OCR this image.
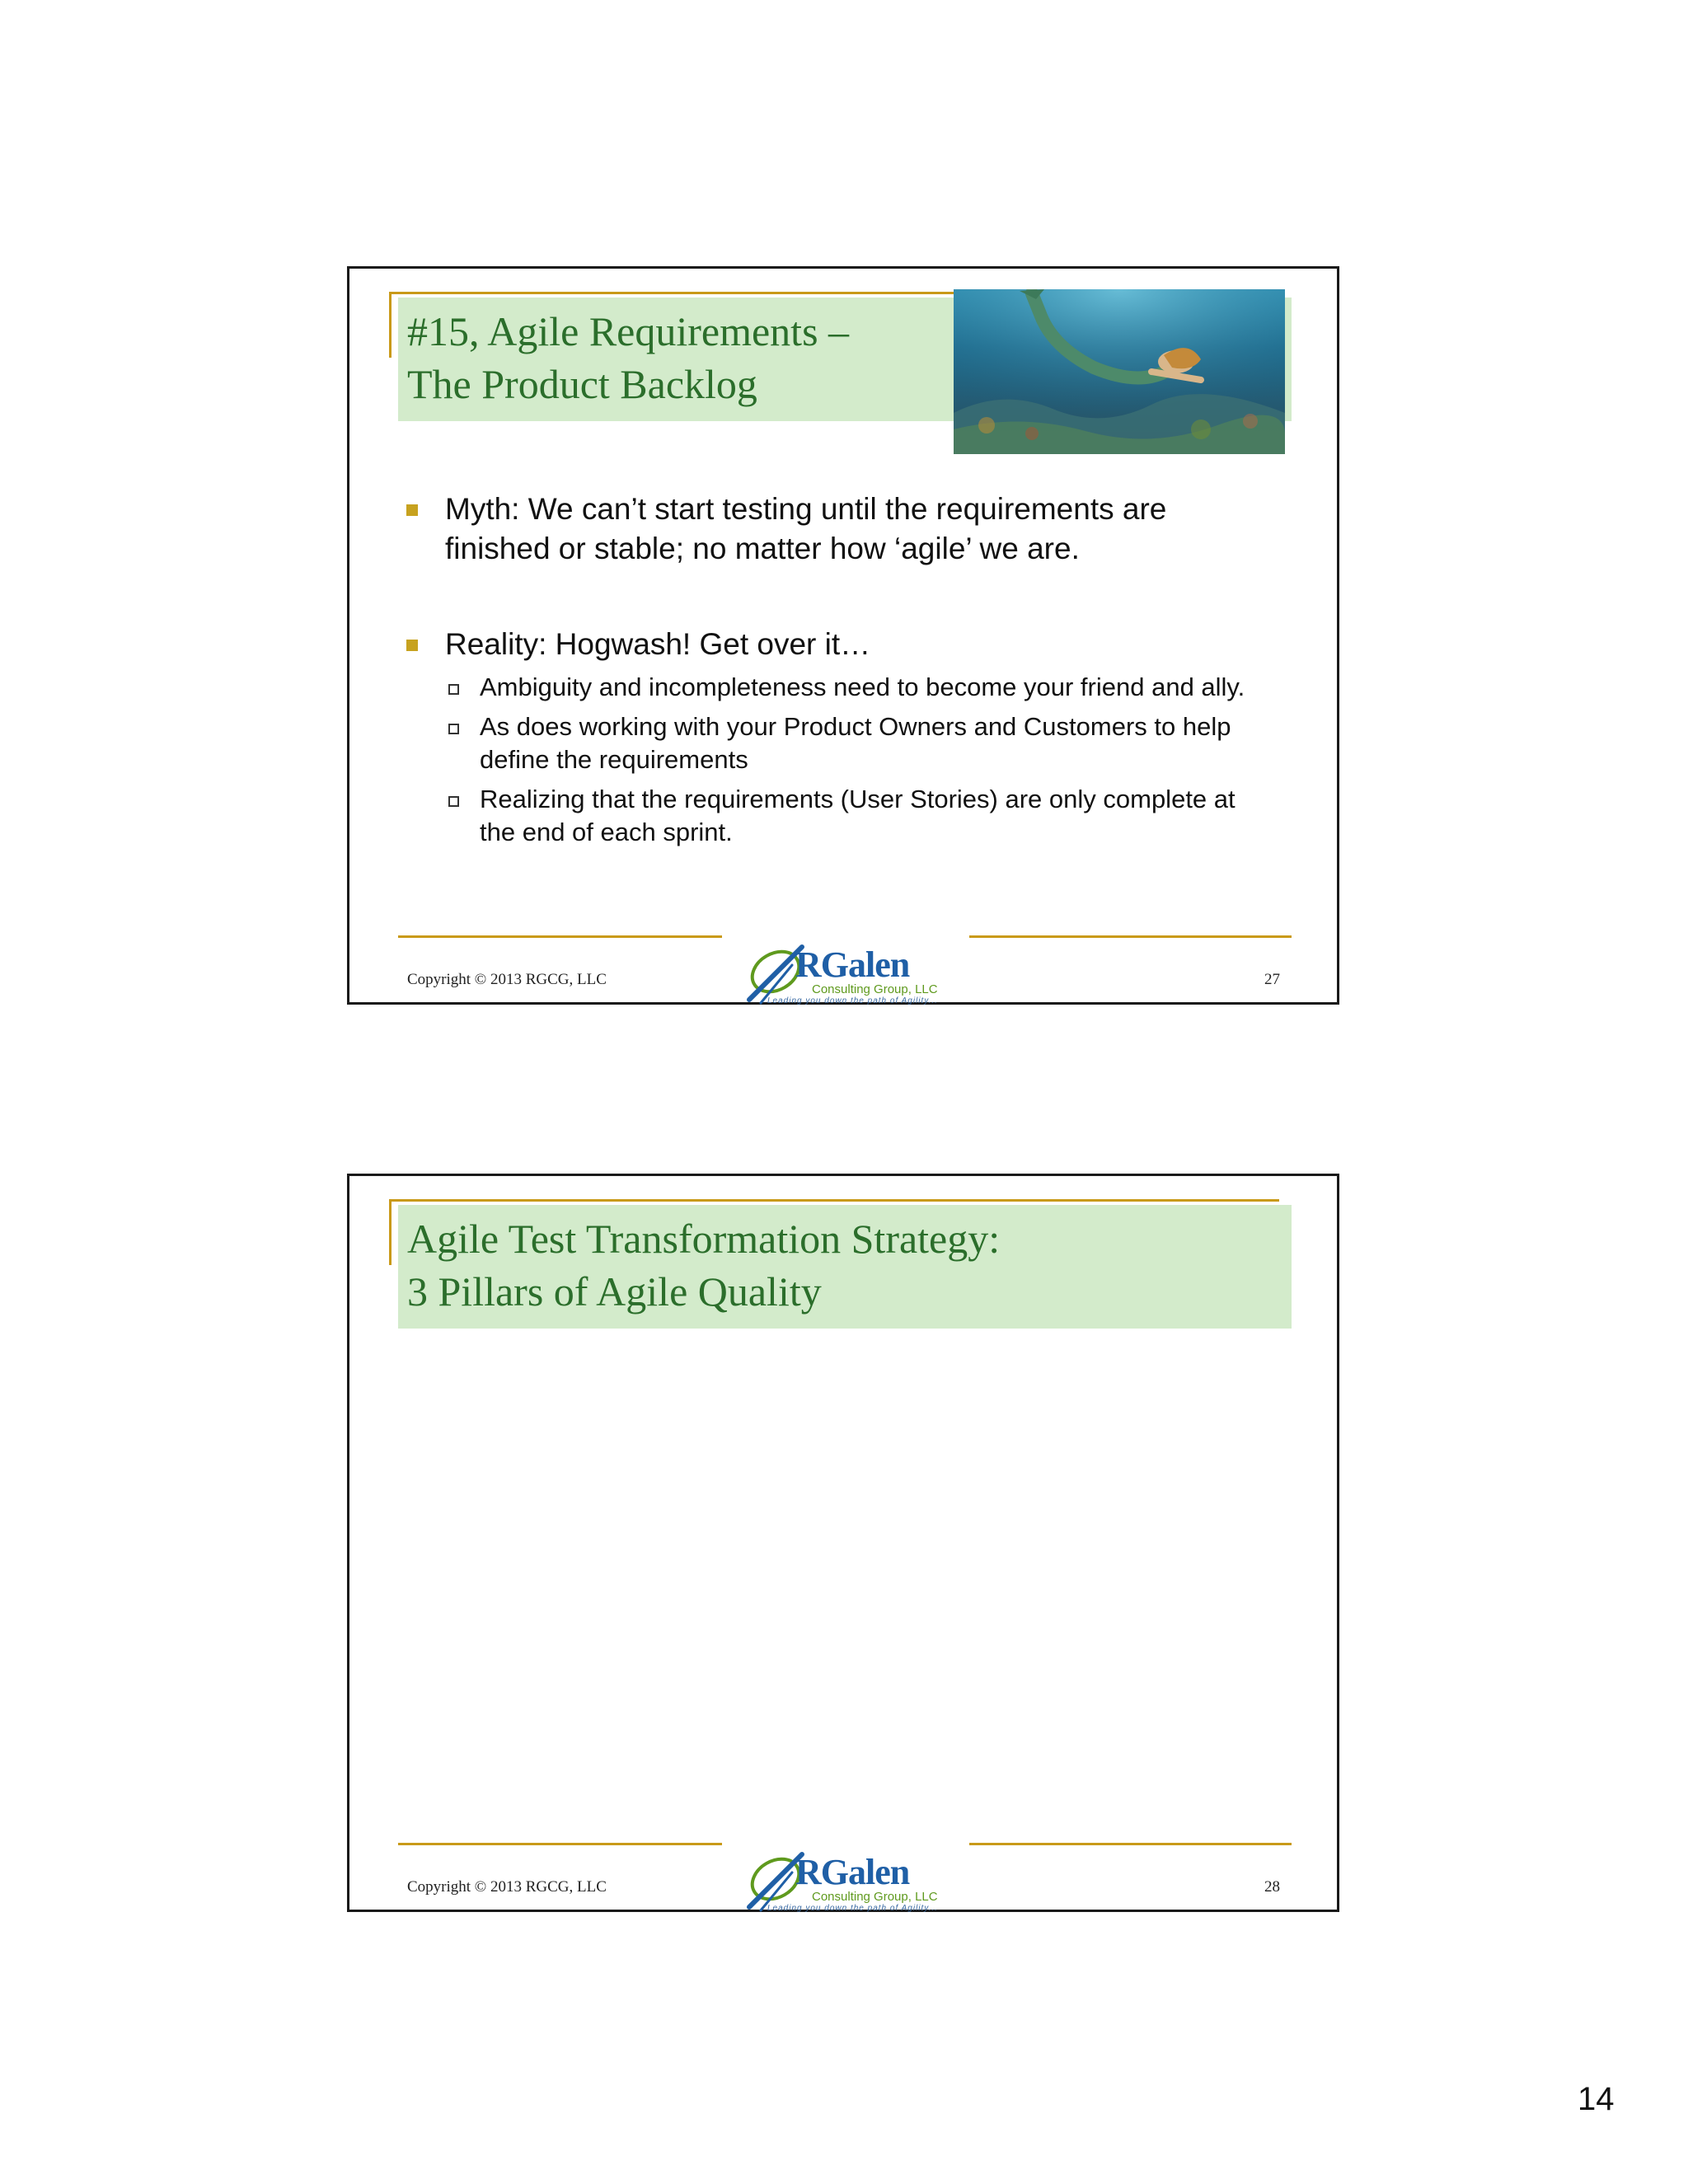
#15, Agile Requirements –
The Product Backlog
Myth: We can’t start testing until the requirements are finished or stable; no matter how ‘agile’ we are.
Reality: Hogwash! Get over it…
Ambiguity and incompleteness need to become your friend and ally.
As does working with your Product Owners and Customers to help define the requirements
Realizing that the requirements (User Stories) are only complete at the end of each sprint.
Copyright © 2013 RGCG, LLC	RGalen
Consulting Group, LLC
Leading you down the path of Agility...
27
Agile Test Transformation Strategy:
3 Pillars of Agile Quality
Copyright © 2013 RGCG, LLC	RGalen
Consulting Group, LLC
Leading you down the path of Agility...
28
14
